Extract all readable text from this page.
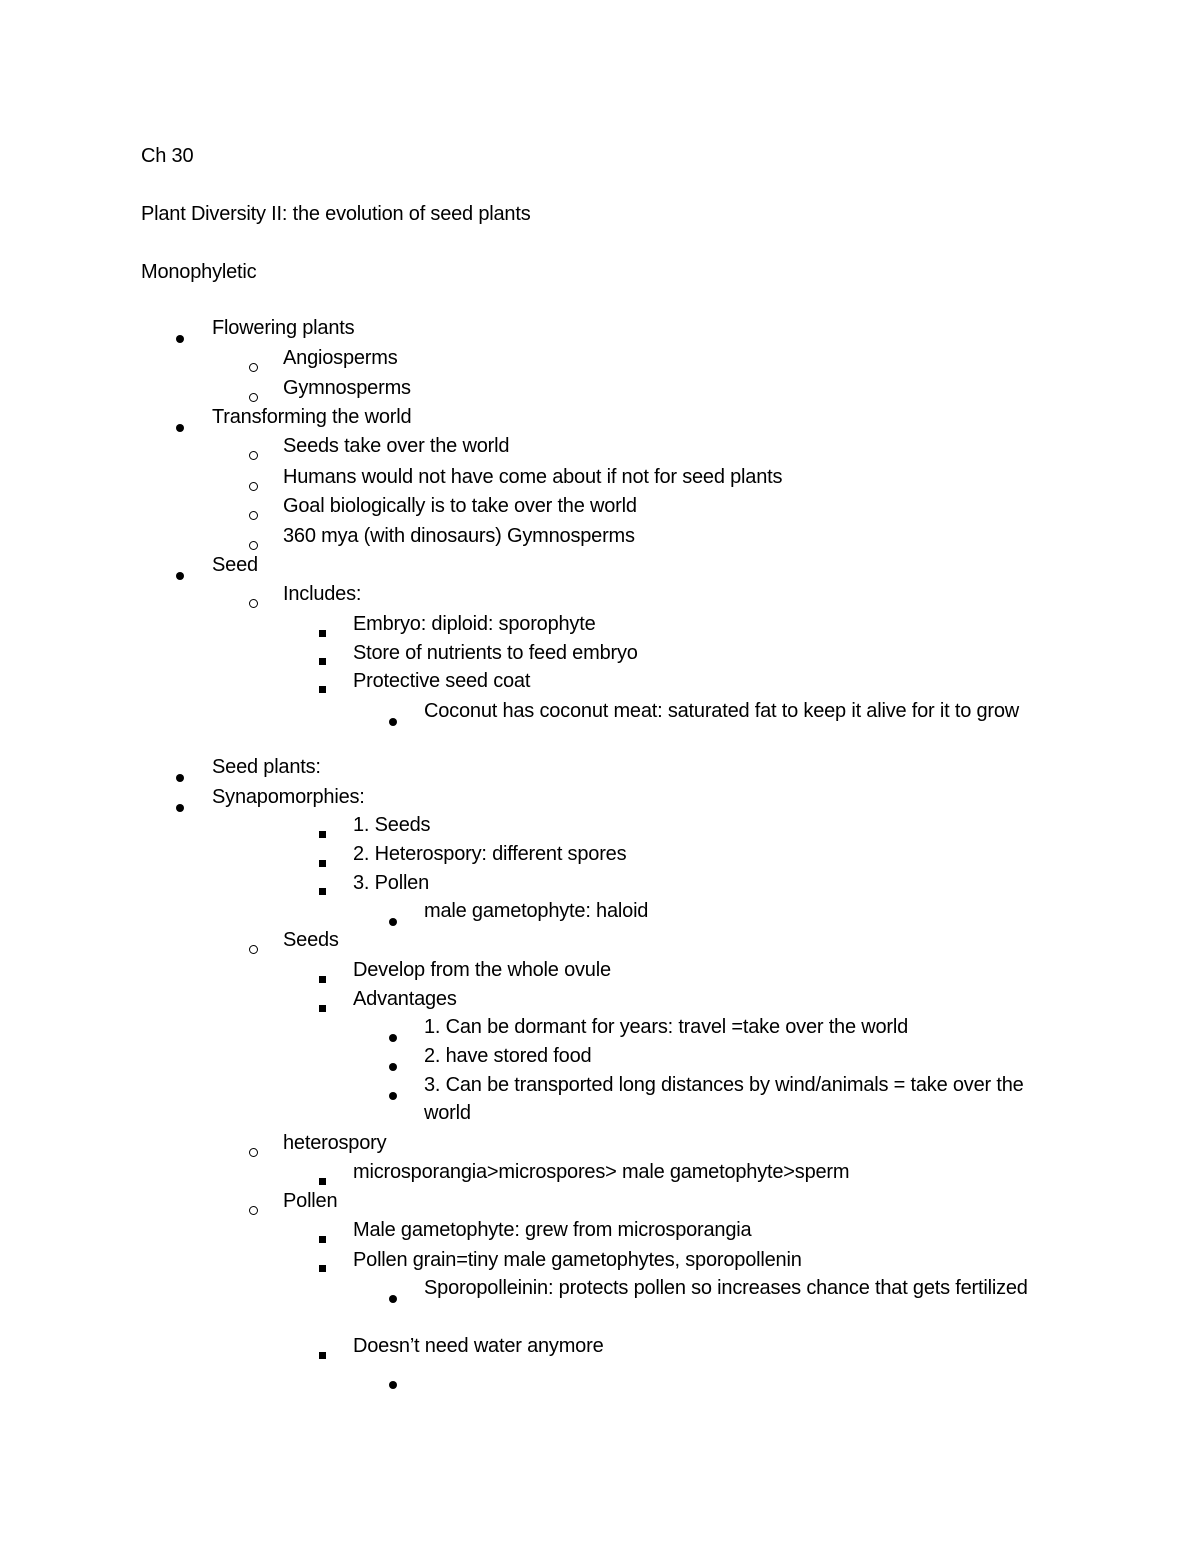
Ch 30
Plant Diversity II: the evolution of seed plants
Monophyletic
Flowering plants
Angiosperms
Gymnosperms
Transforming the world
Seeds take over the world
Humans would not have come about if not for seed plants
Goal biologically is to take over the world
360 mya (with dinosaurs) Gymnosperms
Seed
Includes:
Embryo: diploid: sporophyte
Store of nutrients to feed embryo
Protective seed coat
Coconut has coconut meat: saturated fat to keep it alive for it to grow
Seed plants:
Synapomorphies:
1. Seeds
2. Heterospory: different spores
3. Pollen
male gametophyte: haloid
Seeds
Develop from the whole ovule
Advantages
1. Can be dormant for years: travel =take over the world
2. have stored food
3. Can be transported long distances by wind/animals = take over the world
heterospory
microsporangia>microspores> male gametophyte>sperm
Pollen
Male gametophyte: grew from microsporangia
Pollen grain=tiny male gametophytes, sporopollenin
Sporopolleinin: protects pollen so increases chance that gets fertilized
Doesn’t need water anymore
